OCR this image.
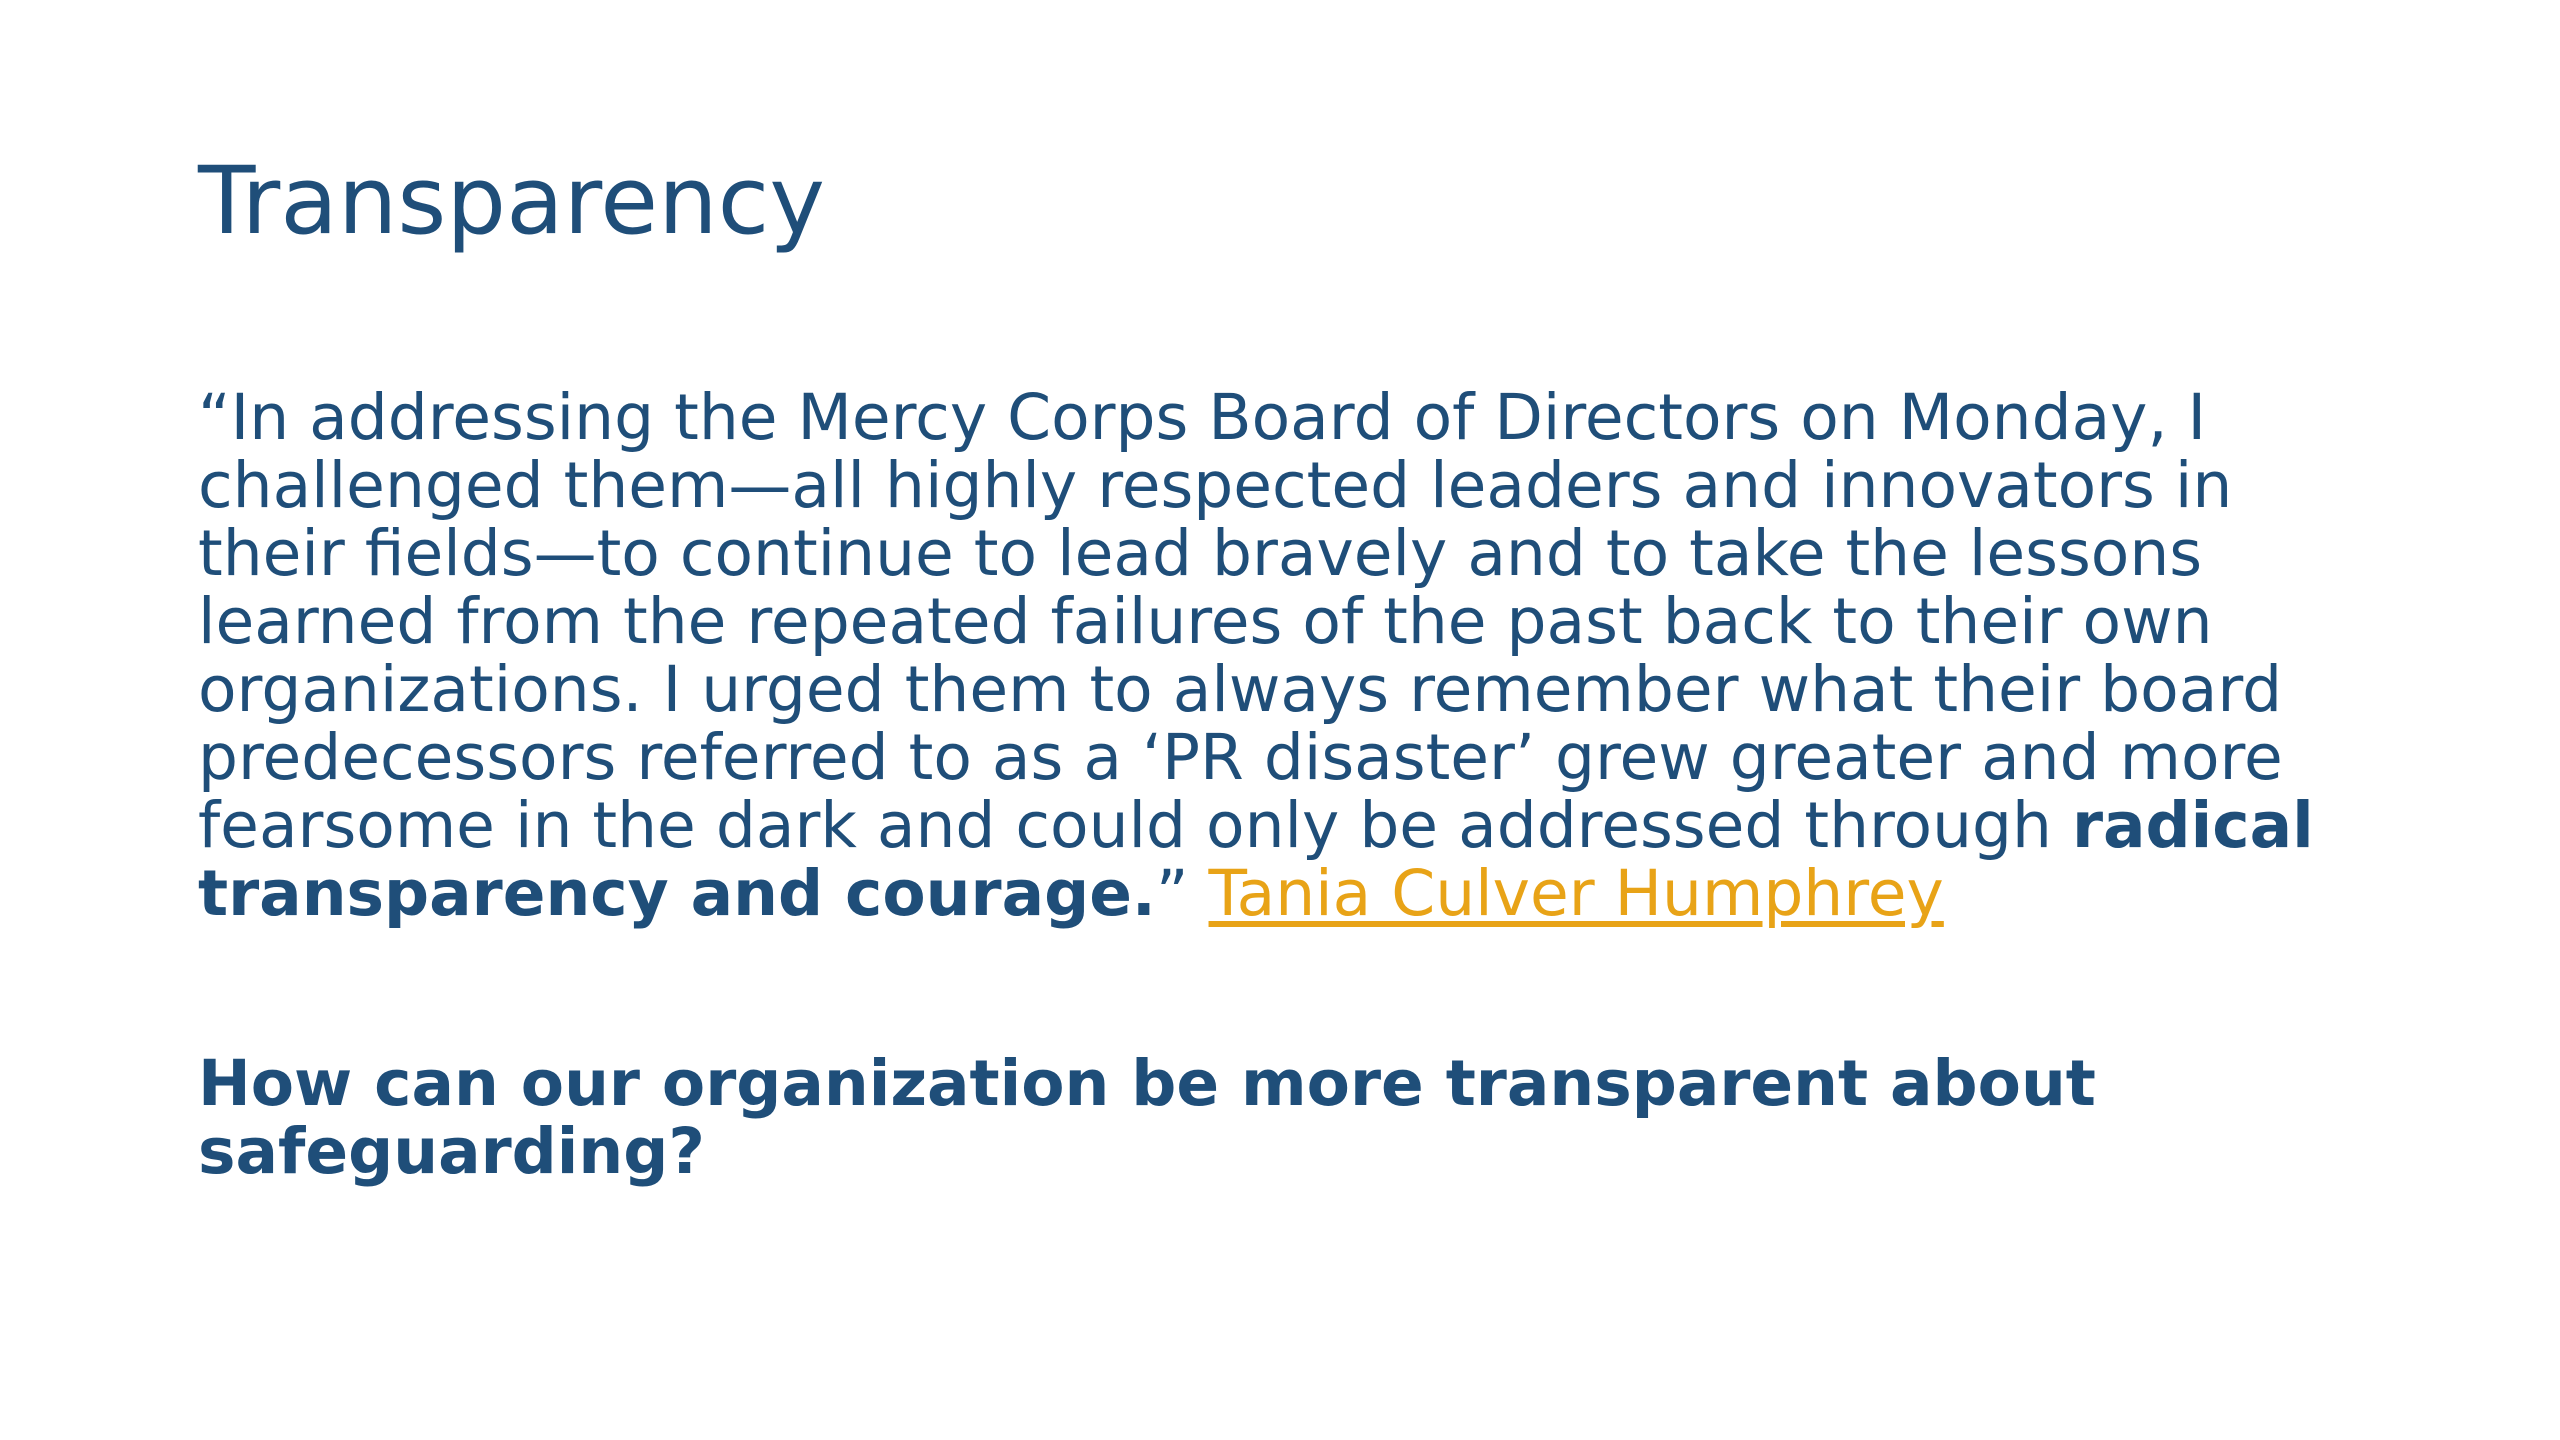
Transparency

“In addressing the Mercy Corps Board of Directors on Monday, I challenged them—all highly respected leaders and innovators in their fields—to continue to lead bravely and to take the lessons learned from the repeated failures of the past back to their own organizations. I urged them to always remember what their board predecessors referred to as a ‘PR disaster’ grew greater and more fearsome in the dark and could only be addressed through radical transparency and courage.” Tania Culver Humphrey

How can our organization be more transparent about safeguarding?
